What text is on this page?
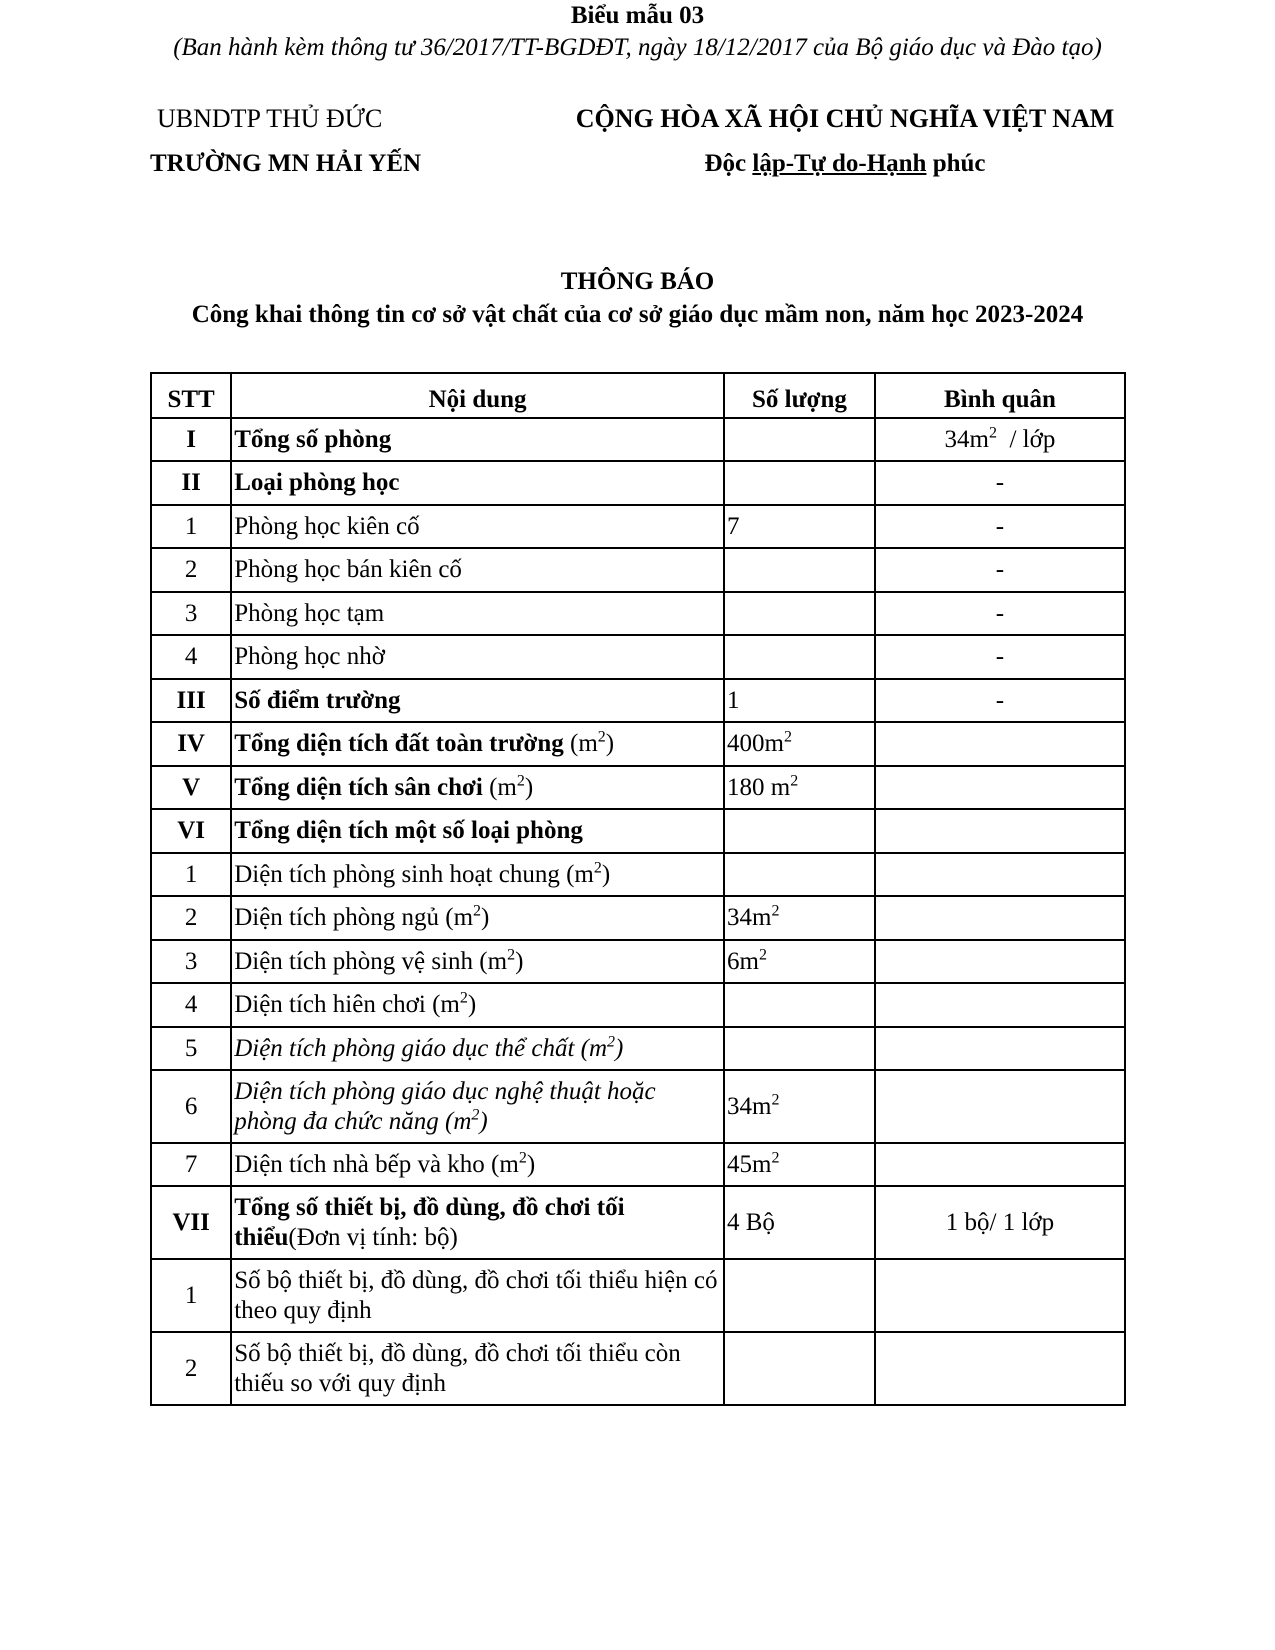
Biểu mẫu 03
(Ban hành kèm thông tư 36/2017/TT-BGDĐT, ngày 18/12/2017 của Bộ giáo dục và Đào tạo)
UBNDTP THỦ ĐỨC
TRƯỜNG MN HẢI YẾN
CỘNG HÒA XÃ HỘI CHỦ NGHĨA VIỆT NAM
Độc lập-Tự do-Hạnh phúc
THÔNG BÁO
Công khai thông tin cơ sở vật chất của cơ sở giáo dục mầm non, năm học 2023-2024
STT	Nội dung	Số lượng	Bình quân
I	Tổng số phòng		$34m^2$  / lớp
II	Loại phòng học		-
1	Phòng học kiên cố	7	-
2	Phòng học bán kiên cố		-
3	Phòng học tạm		-
4	Phòng học nhờ		-
III	Số điểm trường	1	-
IV	Tổng diện tích đất toàn trường $(m^2)$	$400m^2$	
V	Tổng diện tích sân chơi $(m^2)$	180 $m^2$	
VI	Tổng diện tích một số loại phòng		
1	Diện tích phòng sinh hoạt chung $(m^2)$		
2	Diện tích phòng ngủ $(m^2)$	$34m^2$	
3	Diện tích phòng vệ $\sinh (m^2)$	$6m^2$	
4	Diện tích hiên chơi $(m^2)$		
5	Diện tích phòng giáo dục thể chất $(m^2)$		
6	Diện tích phòng giáo dục nghệ thuật hoặc phòng đa chức năng $(m^2)$	$34m^2$	
7	Diện tích nhà bếp và kho $(m^2)$	$45m^2$	
VII	Tổng số thiết bị, đồ dùng, đồ chơi tối thiểu(Đơn vị tính: bộ)	4 Bộ	1 bộ/ 1 lớp
1	Số bộ thiết bị, đồ dùng, đồ chơi tối thiểu hiện có theo quy định		
2	Số bộ thiết bị, đồ dùng, đồ chơi tối thiểu còn thiếu so với quy định		
